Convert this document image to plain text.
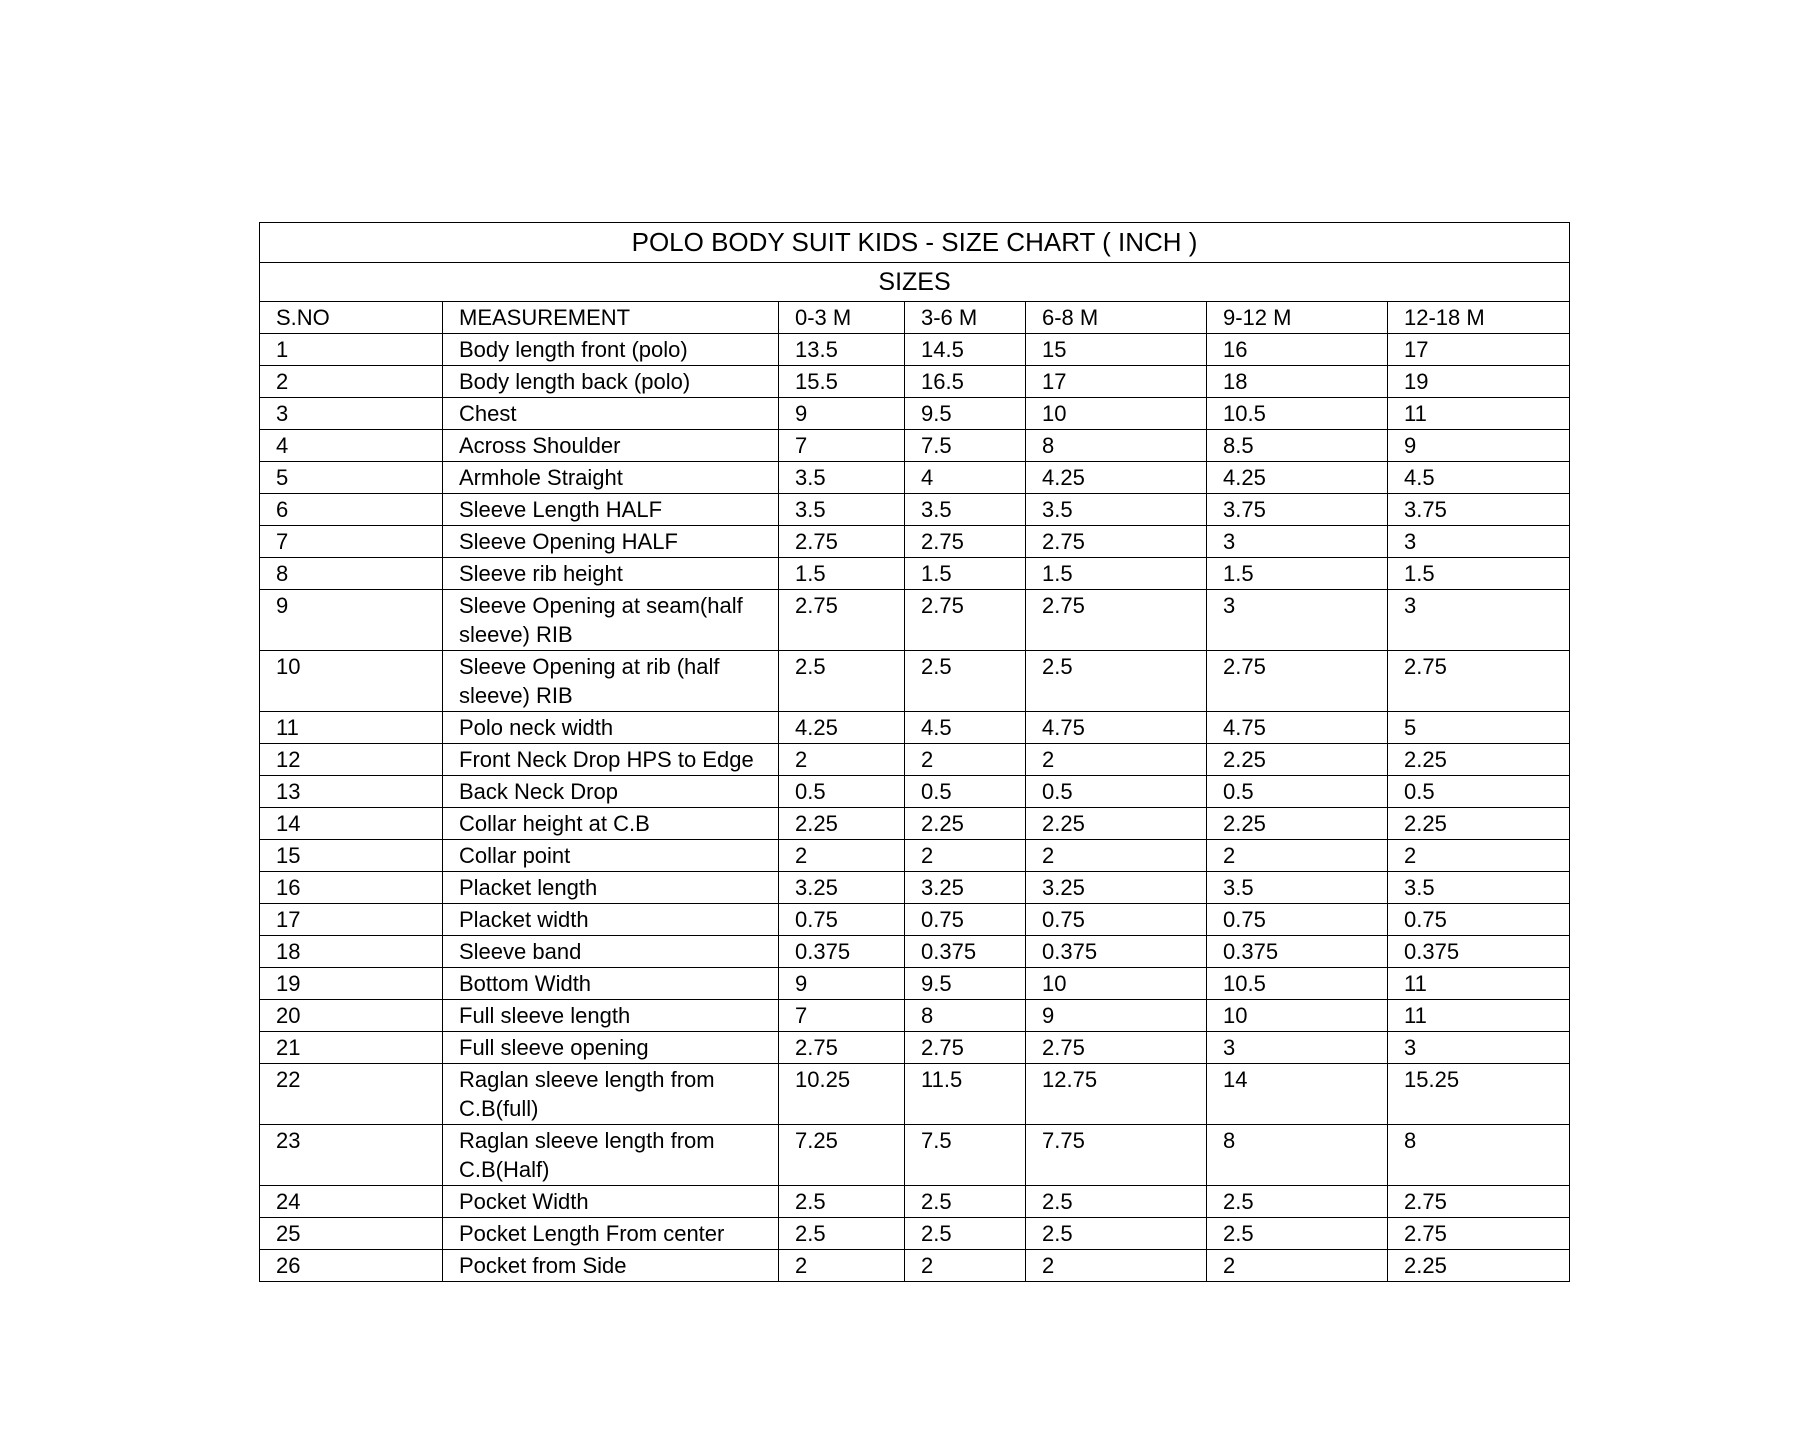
POLO BODY SUIT KIDS - SIZE CHART ( INCH )						
SIZES						
S.NO	MEASUREMENT	0-3 M	3-6 M	6-8 M	9-12 M	12-18 M
1	Body length front (polo)	13.5	14.5	15	16	17
2	Body length back (polo)	15.5	16.5	17	18	19
3	Chest	9	9.5	10	10.5	11
4	Across Shoulder	7	7.5	8	8.5	9
5	Armhole Straight	3.5	4	4.25	4.25	4.5
6	Sleeve Length HALF	3.5	3.5	3.5	3.75	3.75
7	Sleeve Opening HALF	2.75	2.75	2.75	3	3
8	Sleeve rib height	1.5	1.5	1.5	1.5	1.5
9	Sleeve Opening at seam(half sleeve) RIB	2.75	2.75	2.75	3	3
10	Sleeve Opening at rib (half sleeve) RIB	2.5	2.5	2.5	2.75	2.75
11	Polo neck width	4.25	4.5	4.75	4.75	5
12	Front Neck Drop HPS to Edge	2	2	2	2.25	2.25
13	Back Neck Drop	0.5	0.5	0.5	0.5	0.5
14	Collar height at C.B	2.25	2.25	2.25	2.25	2.25
15	Collar point	2	2	2	2	2
16	Placket length	3.25	3.25	3.25	3.5	3.5
17	Placket width	0.75	0.75	0.75	0.75	0.75
18	Sleeve band	0.375	0.375	0.375	0.375	0.375
19	Bottom Width	9	9.5	10	10.5	11
20	Full sleeve length	7	8	9	10	11
21	Full sleeve opening	2.75	2.75	2.75	3	3
22	Raglan sleeve length from C.B(full)	10.25	11.5	12.75	14	15.25
23	Raglan sleeve length from C.B(Half)	7.25	7.5	7.75	8	8
24	Pocket Width	2.5	2.5	2.5	2.5	2.75
25	Pocket Length From center	2.5	2.5	2.5	2.5	2.75
26	Pocket from Side	2	2	2	2	2.25
